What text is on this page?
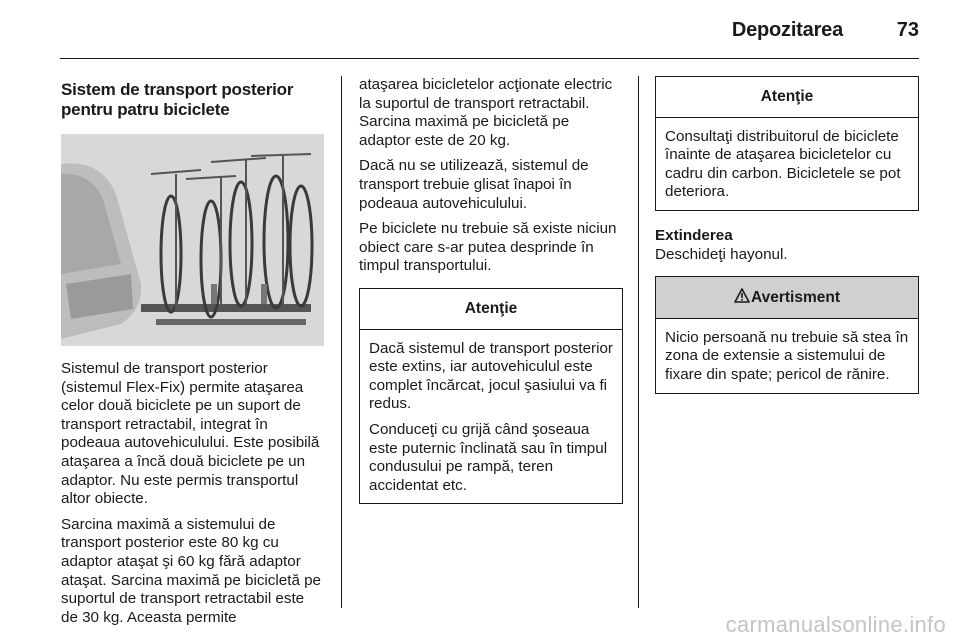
Depozitarea	73
Sistem de transport posterior
pentru patru biciclete

Sistemul de transport posterior (sistemul Flex-Fix) permite ataşarea celor două biciclete pe un suport de transport retractabil, integrat în podeaua autovehiculului. Este posibilă ataşarea a încă două biciclete pe un adaptor. Nu este permis transportul altor obiecte.

Sarcina maximă a sistemului de transport posterior este 80 kg cu adaptor ataşat şi 60 kg fără adaptor ataşat. Sarcina maximă pe bicicletă pe suportul de transport retractabil este de 30 kg. Aceasta permite

ataşarea bicicletelor acţionate electric la suportul de transport retractabil. Sarcina maximă pe bicicletă pe adaptor este de 20 kg.

Dacă nu se utilizează, sistemul de transport trebuie glisat înapoi în podeaua autovehiculului.

Pe biciclete nu trebuie să existe niciun obiect care s-ar putea desprinde în timpul transportului.

Atenţie

Dacă sistemul de transport posterior este extins, iar autovehiculul este complet încărcat, jocul şasiului va fi redus.

Conduceţi cu grijă când şoseaua este puternic înclinată sau în timpul condusului pe rampă, teren accidentat etc.

Atenţie

Consultaţi distribuitorul de biciclete înainte de ataşarea bicicletelor cu cadru din carbon. Bicicletele se pot deteriora.

Extinderea
Deschideţi hayonul.
Avertisment

Nicio persoană nu trebuie să stea în zona de extensie a sistemului de fixare din spate; pericol de rănire.

carmanualsonline.info
